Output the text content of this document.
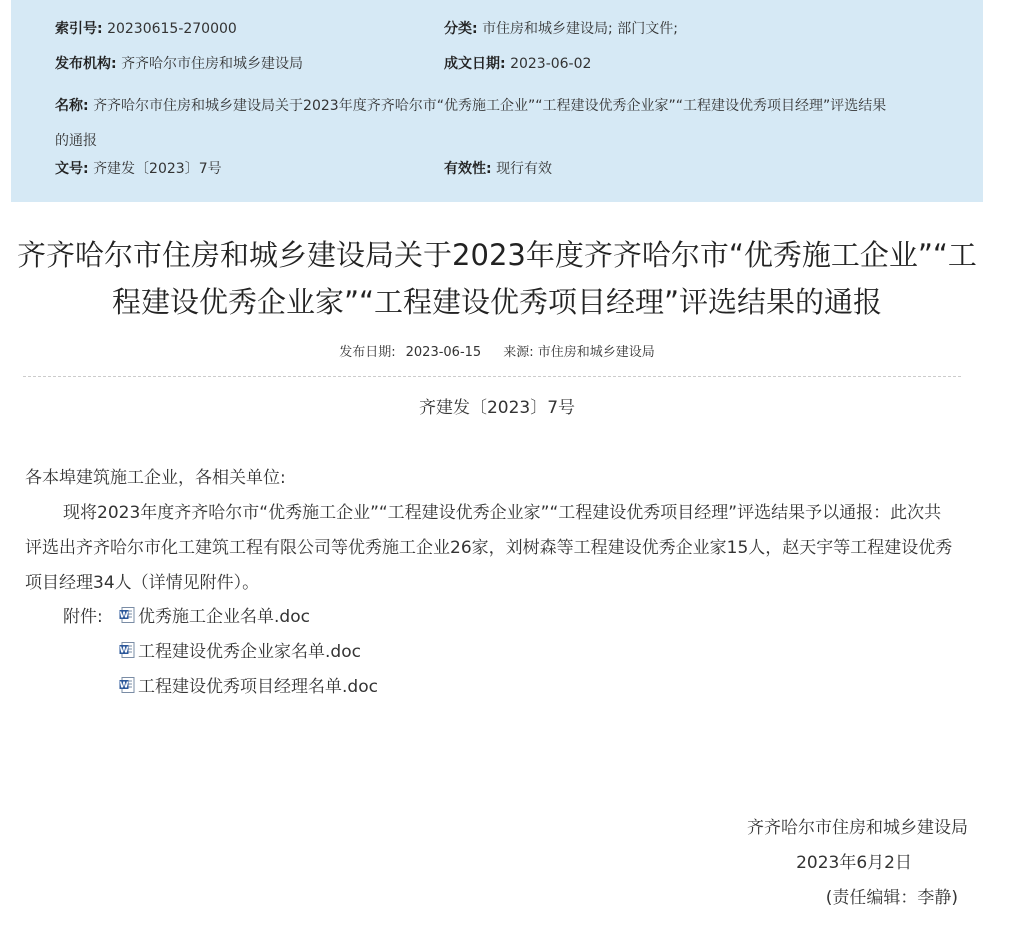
索引号: 20230615-270000	分类: 市住房和城乡建设局; 部门文件;
发布机构: 齐齐哈尔市住房和城乡建设局	成文日期: 2023-06-02

名称: 齐齐哈尔市住房和城乡建设局关于2023年度齐齐哈尔市“优秀施工企业”“工程建设优秀企业家”“工程建设优秀项目经理”评选结果的通报

文号: 齐建发〔2023〕7号	有效性: 现行有效
齐齐哈尔市住房和城乡建设局关于2023年度齐齐哈尔市“优秀施工企业”“工程建设优秀企业家”“工程建设优秀项目经理”评选结果的通报
发布日期: 2023-06-15 来源: 市住房和城乡建设局
齐建发〔2023〕7号

各本埠建筑施工企业，各相关单位:

现将2023年度齐齐哈尔市“优秀施工企业”“工程建设优秀企业家”“工程建设优秀项目经理”评选结果予以通报：此次共评选出齐齐哈尔市化工建筑工程有限公司等优秀施工企业26家，刘树森等工程建设优秀企业家15人，赵天宇等工程建设优秀项目经理34人（详情见附件）。

附件: W 优秀施工企业名单.doc
W 工程建设优秀企业家名单.doc
W 工程建设优秀项目经理名单.doc
齐齐哈尔市住房和城乡建设局
2023年6月2日
(责任编辑：李静)
